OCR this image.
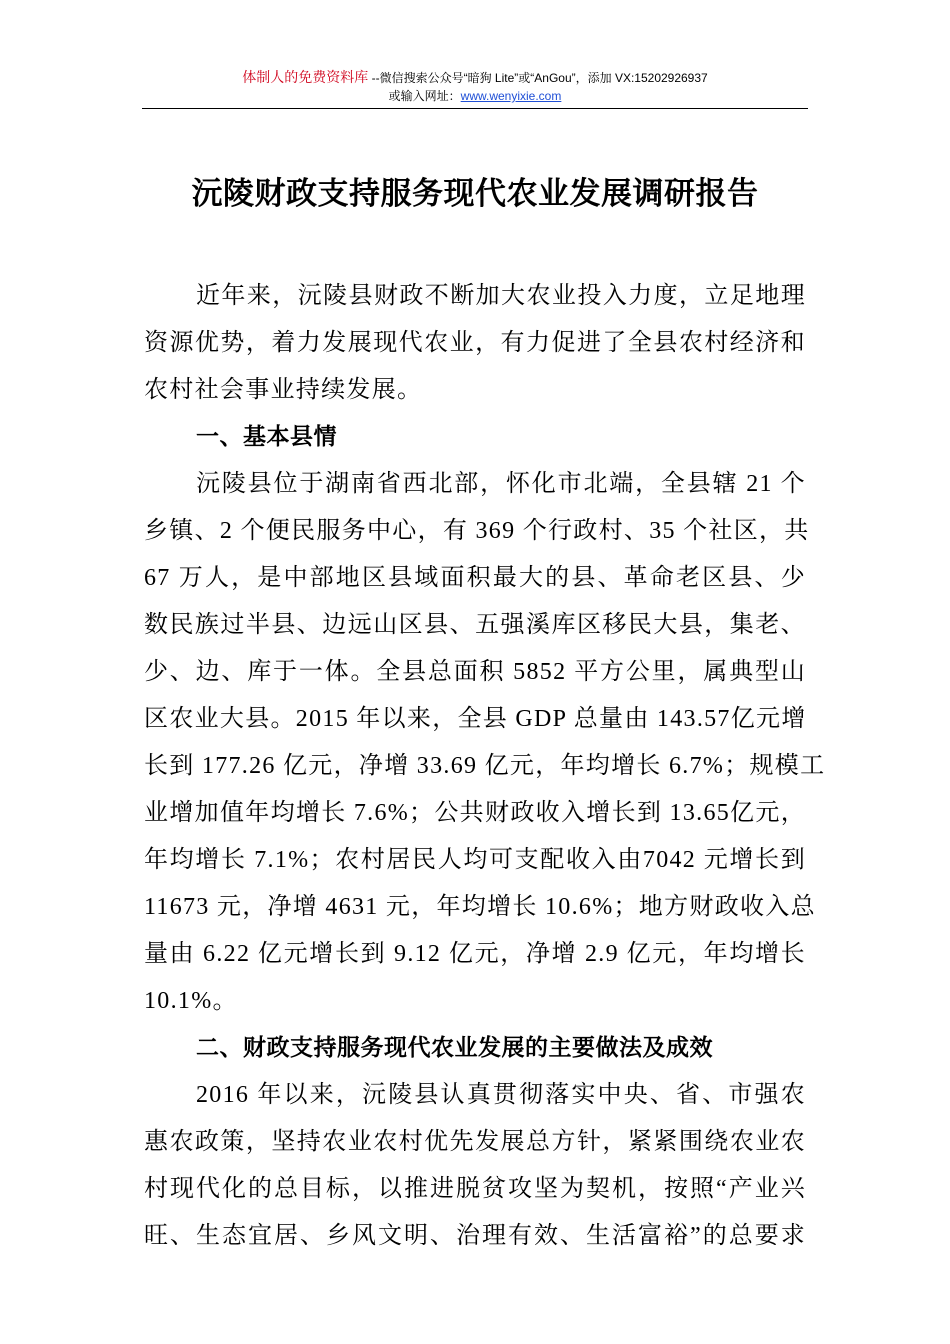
体制人的免费资料库 --微信搜索公众号“暗狗 Lite”或“AnGou”，添加 VX:15202926937
或输入网址：www.wenyixie.com
沅陵财政支持服务现代农业发展调研报告
近年来，沅陵县财政不断加大农业投入力度，立足地理
资源优势，着力发展现代农业，有力促进了全县农村经济和
农村社会事业持续发展。
一、基本县情
沅陵县位于湖南省西北部，怀化市北端，全县辖 21 个
乡镇、2 个便民服务中心，有 369 个行政村、35 个社区，共
67 万人，是中部地区县域面积最大的县、革命老区县、少
数民族过半县、边远山区县、五强溪库区移民大县，集老、
少、边、库于一体。全县总面积 5852 平方公里，属典型山
区农业大县。2015 年以来，全县 GDP 总量由 143.57亿元增
长到 177.26 亿元，净增 33.69 亿元，年均增长 6.7%；规模工
业增加值年均增长 7.6%；公共财政收入增长到 13.65亿元，
年均增长 7.1%；农村居民人均可支配收入由7042 元增长到
11673 元，净增 4631 元，年均增长 10.6%；地方财政收入总
量由 6.22 亿元增长到 9.12 亿元，净增 2.9 亿元，年均增长
10.1%。
二、财政支持服务现代农业发展的主要做法及成效
2016 年以来，沅陵县认真贯彻落实中央、省、市强农
惠农政策，坚持农业农村优先发展总方针，紧紧围绕农业农
村现代化的总目标，以推进脱贫攻坚为契机，按照“产业兴
旺、生态宜居、乡风文明、治理有效、生活富裕”的总要求
